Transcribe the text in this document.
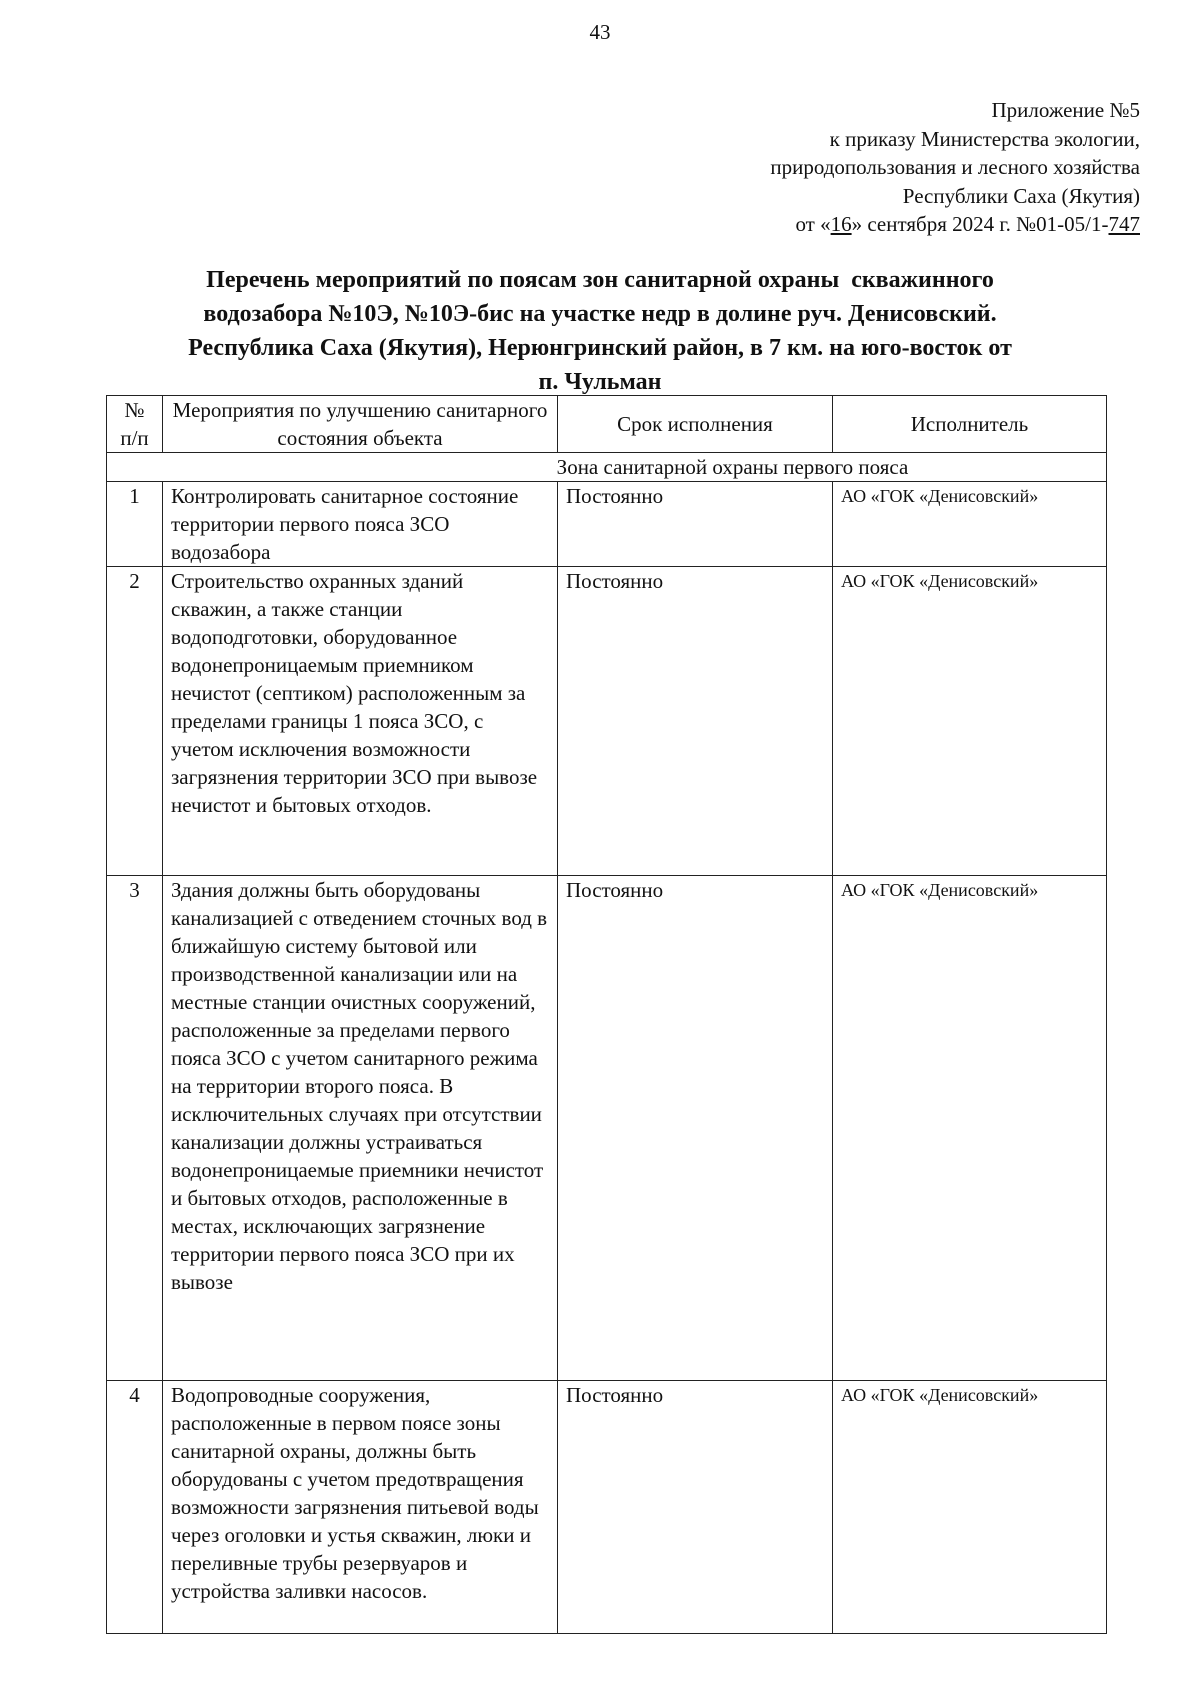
43
Приложение №5
к приказу Министерства экологии,
природопользования и лесного хозяйства
Республики Саха (Якутия)
от «16» сентября 2024 г. №01-05/1-747
Перечень мероприятий по поясам зон санитарной охраны  скважинного
водозабора №10Э, №10Э-бис на участке недр в долине руч. Денисовский.
Республика Саха (Якутия), Нерюнгринский район, в 7 км. на юго-восток от
п. Чульман
№ п/п	Мероприятия по улучшению санитарного состояния объекта	Срок исполнения	Исполнитель
Зона санитарной охраны первого пояса			
1	Контролировать санитарное состояние территории первого пояса ЗСО водозабора	Постоянно	АО «ГОК «Денисовский»
2	Строительство охранных зданий скважин, а также станции водоподготовки, оборудованное водонепроницаемым приемником нечистот (септиком) расположенным за пределами границы 1 пояса ЗСО, с учетом исключения возможности загрязнения территории ЗСО при вывозе нечистот и бытовых отходов.	Постоянно	АО «ГОК «Денисовский»
3	Здания должны быть оборудованы канализацией с отведением сточных вод в ближайшую систему бытовой или производственной канализации или на местные станции очистных сооружений, расположенные за пределами первого пояса ЗСО с учетом санитарного режима на территории второго пояса. В исключительных случаях при отсутствии канализации должны устраиваться водонепроницаемые приемники нечистот и бытовых отходов, расположенные в местах, исключающих загрязнение территории первого пояса ЗСО при их вывозе	Постоянно	АО «ГОК «Денисовский»
4	Водопроводные сооружения, расположенные в первом поясе зоны санитарной охраны, должны быть оборудованы с учетом предотвращения возможности загрязнения питьевой воды через оголовки и устья скважин, люки и переливные трубы резервуаров и устройства заливки насосов.	Постоянно	АО «ГОК «Денисовский»
